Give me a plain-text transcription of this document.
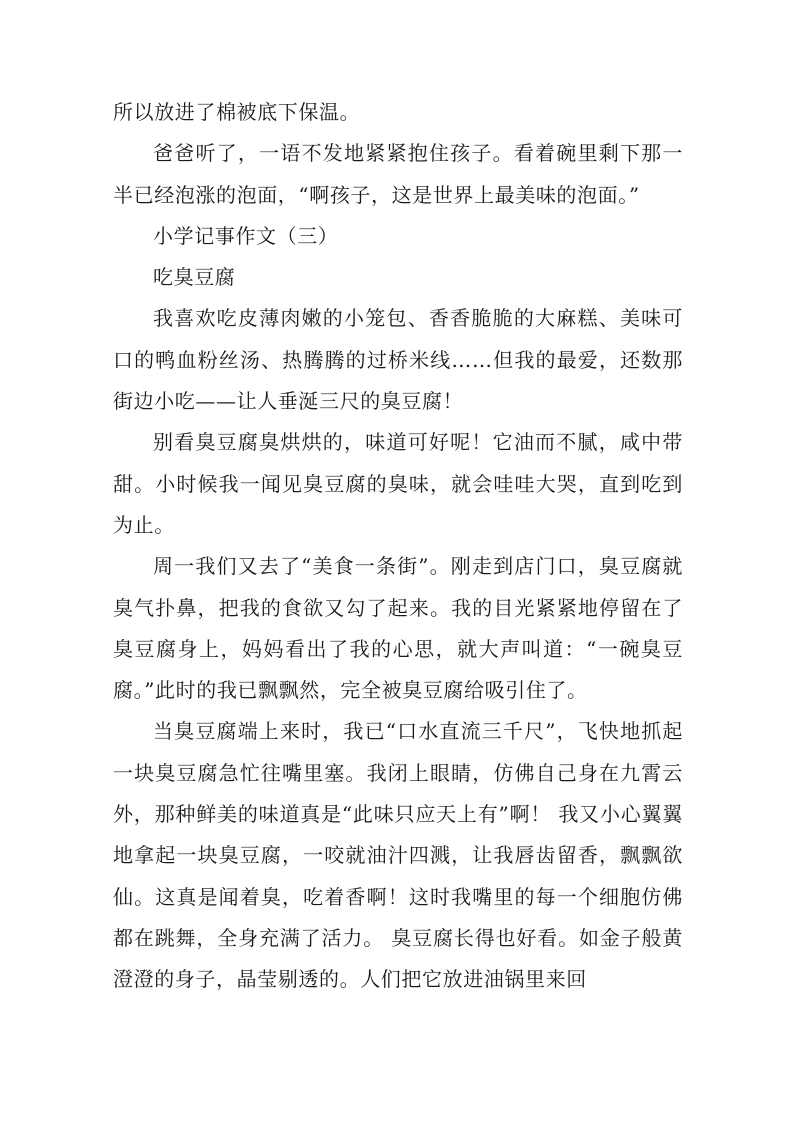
所以放进了棉被底下保温。

爸爸听了，一语不发地紧紧抱住孩子。看着碗里剩下那一半已经泡涨的泡面，“啊孩子，这是世界上最美味的泡面。”

小学记事作文（三）

吃臭豆腐

我喜欢吃皮薄肉嫩的小笼包、香香脆脆的大麻糕、美味可口的鸭血粉丝汤、热腾腾的过桥米线……但我的最爱，还数那街边小吃——让人垂涎三尺的臭豆腐！

别看臭豆腐臭烘烘的，味道可好呢！它油而不腻，咸中带甜。小时候我一闻见臭豆腐的臭味，就会哇哇大哭，直到吃到为止。

周一我们又去了“美食一条街”。刚走到店门口，臭豆腐就臭气扑鼻，把我的食欲又勾了起来。我的目光紧紧地停留在了臭豆腐身上，妈妈看出了我的心思，就大声叫道：“一碗臭豆腐。”此时的我已飘飘然，完全被臭豆腐给吸引住了。

当臭豆腐端上来时，我已“口水直流三千尺”，飞快地抓起一块臭豆腐急忙往嘴里塞。我闭上眼睛，仿佛自己身在九霄云外，那种鲜美的味道真是“此味只应天上有”啊！ 我又小心翼翼地拿起一块臭豆腐，一咬就油汁四溅，让我唇齿留香，飘飘欲仙。这真是闻着臭，吃着香啊！这时我嘴里的每一个细胞仿佛都在跳舞，全身充满了活力。 臭豆腐长得也好看。如金子般黄澄澄的身子，晶莹剔透的。人们把它放进油锅里来回
